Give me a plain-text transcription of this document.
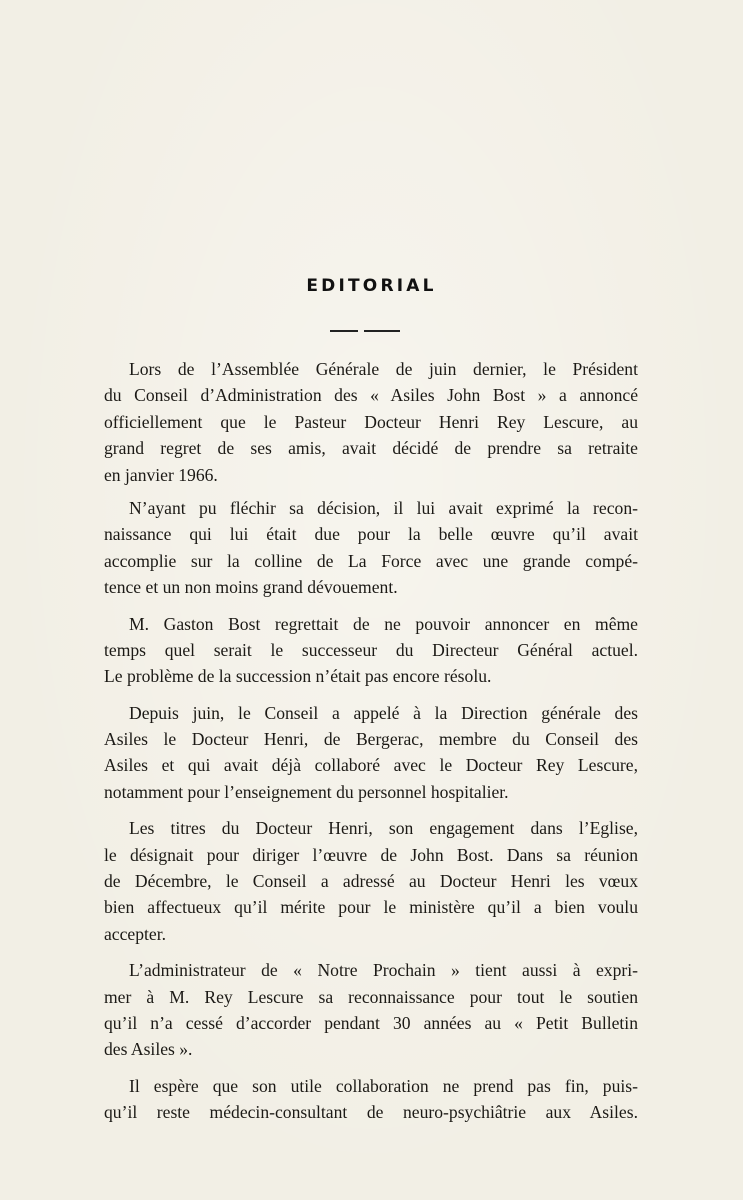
EDITORIAL

Lors de l’Assemblée Générale de juin dernier, le Président
du Conseil d’Administration des « Asiles John Bost » a annoncé
officiellement que le Pasteur Docteur Henri Rey Lescure, au
grand regret de ses amis, avait décidé de prendre sa retraite
en janvier 1966.

N’ayant pu fléchir sa décision, il lui avait exprimé la recon-
naissance qui lui était due pour la belle œuvre qu’il avait
accomplie sur la colline de La Force avec une grande compé-
tence et un non moins grand dévouement.

M. Gaston Bost regrettait de ne pouvoir annoncer en même
temps quel serait le successeur du Directeur Général actuel.
Le problème de la succession n’était pas encore résolu.

Depuis juin, le Conseil a appelé à la Direction générale des
Asiles le Docteur Henri, de Bergerac, membre du Conseil des
Asiles et qui avait déjà collaboré avec le Docteur Rey Lescure,
notamment pour l’enseignement du personnel hospitalier.

Les titres du Docteur Henri, son engagement dans l’Eglise,
le désignait pour diriger l’œuvre de John Bost. Dans sa réunion
de Décembre, le Conseil a adressé au Docteur Henri les vœux
bien affectueux qu’il mérite pour le ministère qu’il a bien voulu
accepter.

L’administrateur de « Notre Prochain » tient aussi à expri-
mer à M. Rey Lescure sa reconnaissance pour tout le soutien
qu’il n’a cessé d’accorder pendant 30 années au « Petit Bulletin
des Asiles ».

Il espère que son utile collaboration ne prend pas fin, puis-
qu’il reste médecin-consultant de neuro-psychiâtrie aux Asiles.
